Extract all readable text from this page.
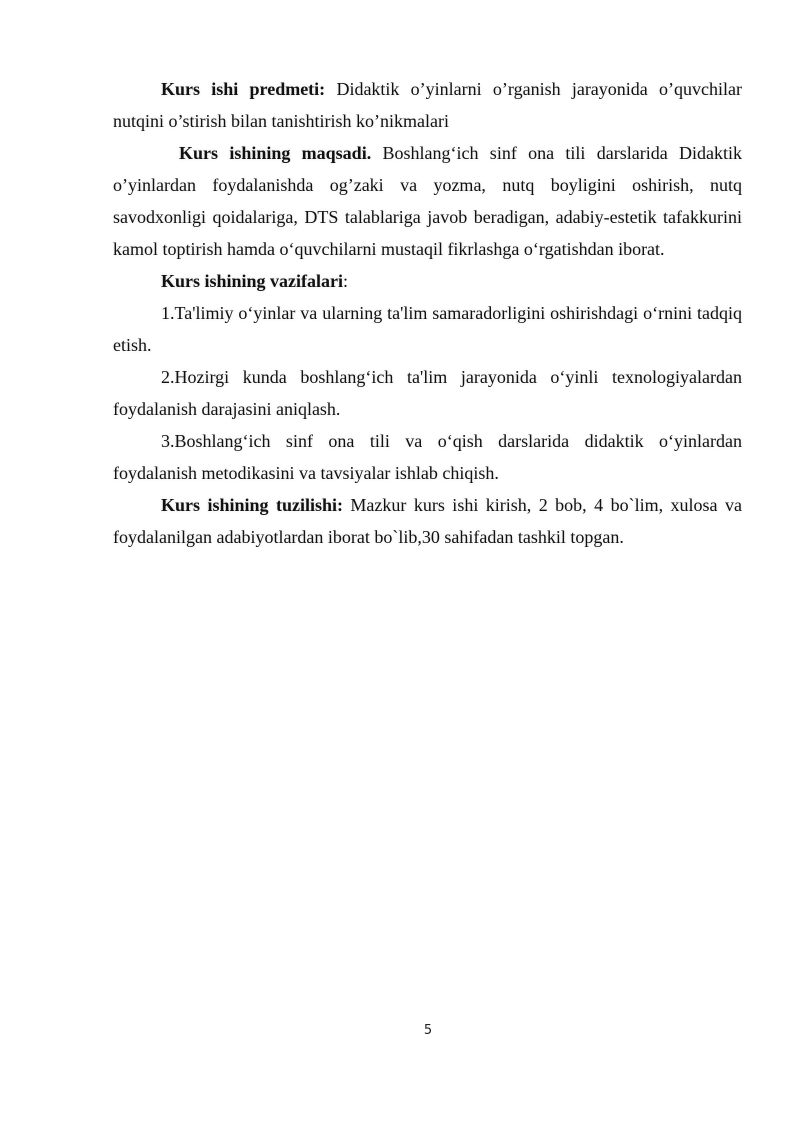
Kurs ishi predmeti: Didaktik o’yinlarni o’rganish jarayonida o’quvchilar nutqini o’stirish bilan tanishtirish ko’nikmalari

Kurs ishining maqsadi. Boshlang‘ich sinf ona tili darslarida Didaktik o’yinlardan foydalanishda og’zaki va yozma, nutq boyligini oshirish, nutq savodxonligi qoidalariga, DTS talablariga javob beradigan, adabiy-estetik tafakkurini kamol toptirish hamda o‘quvchilarni mustaqil fikrlashga o‘rgatishdan iborat.

Kurs ishining vazifalari:

1.Ta'limiy o‘yinlar va ularning ta'lim samaradorligini oshirishdagi o‘rnini tadqiq etish.

2.Hozirgi kunda boshlang‘ich ta'lim jarayonida o‘yinli texnologiyalardan foydalanish darajasini aniqlash.

3.Boshlang‘ich sinf ona tili va o‘qish darslarida didaktik o‘yinlardan foydalanish metodikasini va tavsiyalar ishlab chiqish.

Kurs ishining tuzilishi: Mazkur kurs ishi kirish, 2 bob, 4 bo`lim, xulosa va foydalanilgan adabiyotlardan iborat bo`lib,30 sahifadan tashkil topgan.

5
